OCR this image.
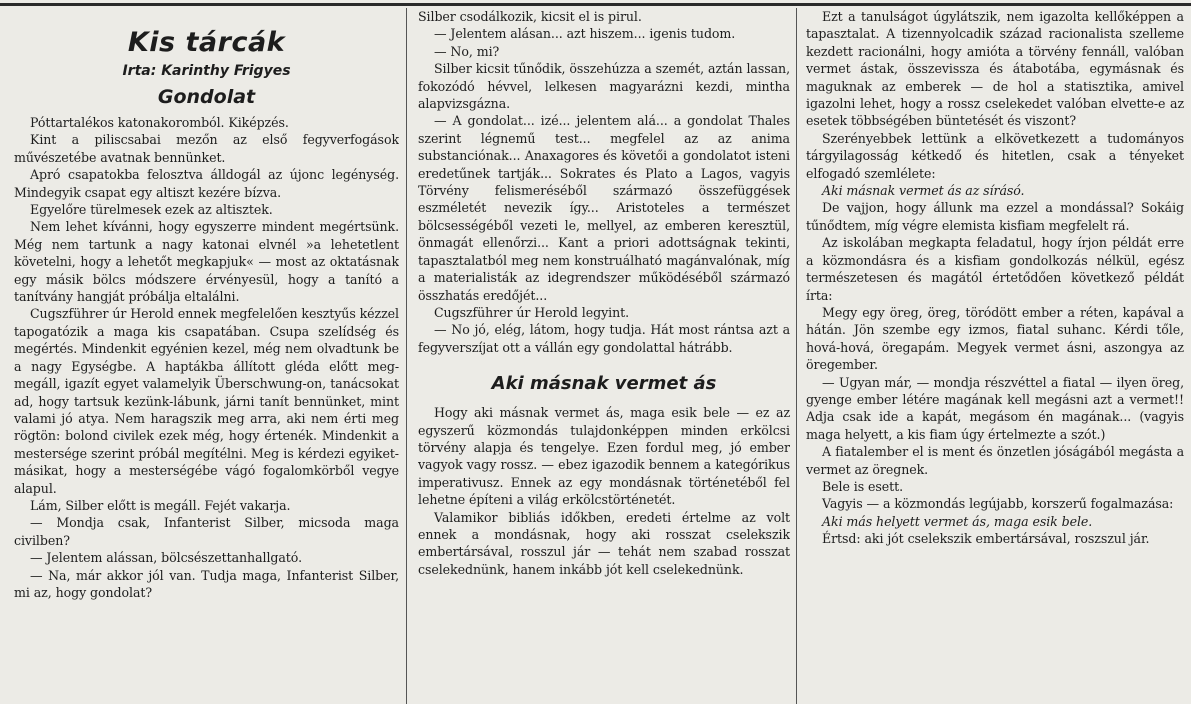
Kis tárcák
Irta: Karinthy Frigyes
Gondolat

Póttartalékos katonakoromból. Kiképzés.

Kint a piliscsabai mezőn az első fegyverfogások művészetébe avatnak bennünket.

Apró csapatokba felosztva álldogál az újonc legénység. Mindegyik csapat egy altiszt kezére bízva.

Egyelőre türelmesek ezek az altisztek.

Nem lehet kívánni, hogy egyszerre mindent megértsünk. Még nem tartunk a nagy katonai elvnél »a lehetetlent követelni, hogy a lehetőt megkapjuk« — most az oktatásnak egy másik bölcs módszere érvényesül, hogy a tanító a tanítvány hangját próbálja eltalálni.

Cugszführer úr Herold ennek megfelelően kesztyűs kézzel tapogatózik a maga kis csapatában. Csupa szelídség és megértés. Mindenkit egyénien kezel, még nem olvadtunk be a nagy Egységbe. A haptákba állított gléda előtt meg-megáll, igazít egyet valamelyik Überschwung-on, tanácsokat ad, hogy tartsuk kezünk-lábunk, járni tanít bennünket, mint valami jó atya. Nem haragszik meg arra, aki nem érti meg rögtön: bolond civilek ezek még, hogy értenék. Mindenkit a mestersége szerint próbál megítélni. Meg is kérdezi egyiket-másikat, hogy a mesterségébe vágó fogalomkörből vegye alapul.

Lám, Silber előtt is megáll. Fejét vakarja.

— Mondja csak, Infanterist Silber, micsoda maga civilben?

— Jelentem alássan, bölcsészettanhallgató.

— Na, már akkor jól van. Tudja maga, Infanterist Silber, mi az, hogy gondolat?

Silber csodálkozik, kicsit el is pirul.

— Jelentem alásan... azt hiszem... igenis tudom.

— No, mi?

Silber kicsit tűnődik, összehúzza a szemét, aztán lassan, fokozódó hévvel, lelkesen magyarázni kezdi, mintha alapvizsgázna.

— A gondolat... izé... jelentem alá... a gondolat Thales szerint légnemű test... megfelel az az anima substanciónak... Anaxagores és követői a gondolatot isteni eredetűnek tartják... Sokrates és Plato a Lagos, vagyis Törvény felismeréséből származó összefüggések eszméletét nevezik így... Aristoteles a természet bölcsességéből vezeti le, mellyel, az emberen keresztül, önmagát ellenőrzi... Kant a priori adottságnak tekinti, tapasztalatból meg nem konstruálható magánvalónak, míg a materialisták az idegrendszer működéséből származó összhatás eredőjét...

Cugszführer úr Herold legyint.

— No jó, elég, látom, hogy tudja. Hát most rántsa azt a fegyverszíjat ott a vállán egy gondolattal hátrább.

Aki másnak vermet ás

Hogy aki másnak vermet ás, maga esik bele — ez az egyszerű közmondás tulajdonképpen minden erkölcsi törvény alapja és tengelye. Ezen fordul meg, jó ember vagyok vagy rossz. — ebez igazodik bennem a kategórikus imperativusz. Ennek az egy mondásnak történetéből fel lehetne építeni a világ erkölcstörténetét.

Valamikor bibliás időkben, eredeti értelme az volt ennek a mondásnak, hogy aki rosszat cselekszik embertársával, rosszul jár — tehát nem szabad rosszat cselekednünk, hanem inkább jót kell cselekednünk.

Ezt a tanulságot úgylátszik, nem igazolta kellőképpen a tapasztalat. A tizennyolcadik század racionalista szelleme kezdett racionálni, hogy amióta a törvény fennáll, valóban vermet ástak, összevissza és átabotába, egymásnak és maguknak az emberek — de hol a statisztika, amivel igazolni lehet, hogy a rossz cselekedet valóban elvette-e az esetek többségében büntetését és viszont?

Szerényebbek lettünk a elkövetkezett a tudományos tárgyilagosság kétkedő és hitetlen, csak a tényeket elfogadó szemlélete:

Aki másnak vermet ás az sírásó.

De vajjon, hogy állunk ma ezzel a mondással? Sokáig tűnődtem, míg végre elemista kisfiam megfelelt rá.

Az iskolában megkapta feladatul, hogy írjon példát erre a közmondásra és a kisfiam gondolkozás nélkül, egész természetesen és magától értetődően következő példát írta:

Megy egy öreg, öreg, töródött ember a réten, kapával a hátán. Jön szembe egy izmos, fiatal suhanc. Kérdi tőle, hová-hová, öregapám. Megyek vermet ásni, aszongya az öregember.

— Ugyan már, — mondja részvéttel a fiatal — ilyen öreg, gyenge ember létére magának kell megásni azt a vermet!! Adja csak ide a kapát, megásom én magának... (vagyis maga helyett, a kis fiam úgy értelmezte a szót.)

A fiatalember el is ment és önzetlen jóságából megásta a vermet az öregnek.

Bele is esett.

Vagyis — a közmondás legújabb, korszerű fogalmazása:

Aki más helyett vermet ás, maga esik bele.

Értsd: aki jót cselekszik embertársával, roszszul jár.
